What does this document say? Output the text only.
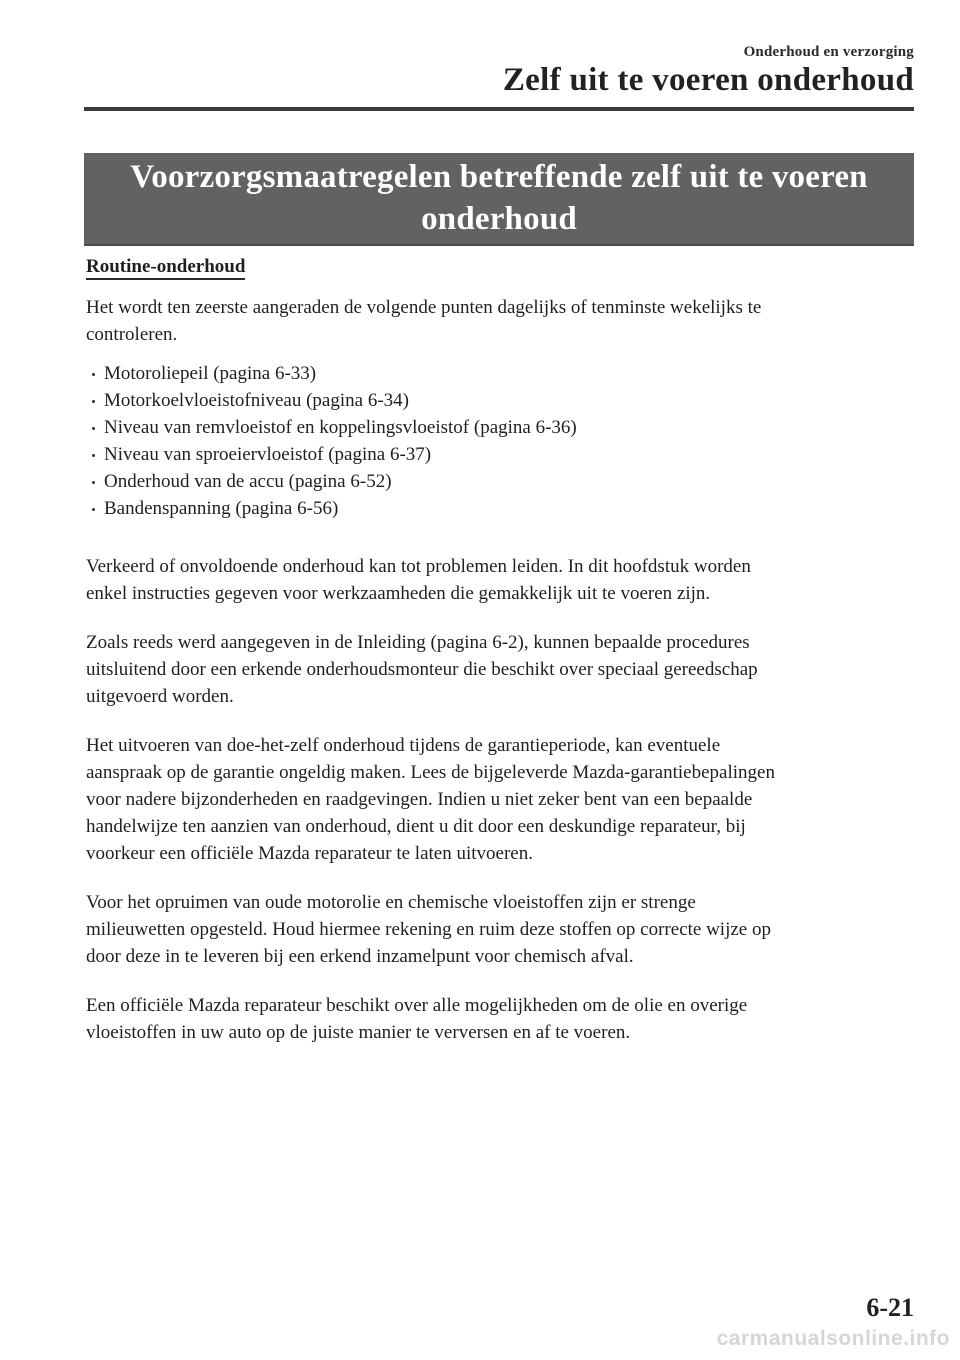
Onderhoud en verzorging
Zelf uit te voeren onderhoud
Voorzorgsmaatregelen betreffende zelf uit te voeren
onderhoud
Routine-onderhoud
Het wordt ten zeerste aangeraden de volgende punten dagelijks of tenminste wekelijks te
controleren.
Motoroliepeil (pagina 6-33)
Motorkoelvloeistofniveau (pagina 6-34)
Niveau van remvloeistof en koppelingsvloeistof (pagina 6-36)
Niveau van sproeiervloeistof (pagina 6-37)
Onderhoud van de accu (pagina 6-52)
Bandenspanning (pagina 6-56)
Verkeerd of onvoldoende onderhoud kan tot problemen leiden. In dit hoofdstuk worden
enkel instructies gegeven voor werkzaamheden die gemakkelijk uit te voeren zijn.
Zoals reeds werd aangegeven in de Inleiding (pagina 6-2), kunnen bepaalde procedures
uitsluitend door een erkende onderhoudsmonteur die beschikt over speciaal gereedschap
uitgevoerd worden.
Het uitvoeren van doe-het-zelf onderhoud tijdens de garantieperiode, kan eventuele
aanspraak op de garantie ongeldig maken. Lees de bijgeleverde Mazda-garantiebepalingen
voor nadere bijzonderheden en raadgevingen. Indien u niet zeker bent van een bepaalde
handelwijze ten aanzien van onderhoud, dient u dit door een deskundige reparateur, bij
voorkeur een officiële Mazda reparateur te laten uitvoeren.
Voor het opruimen van oude motorolie en chemische vloeistoffen zijn er strenge
milieuwetten opgesteld. Houd hiermee rekening en ruim deze stoffen op correcte wijze op
door deze in te leveren bij een erkend inzamelpunt voor chemisch afval.
Een officiële Mazda reparateur beschikt over alle mogelijkheden om de olie en overige
vloeistoffen in uw auto op de juiste manier te verversen en af te voeren.
6-21
carmanualsonline.info
